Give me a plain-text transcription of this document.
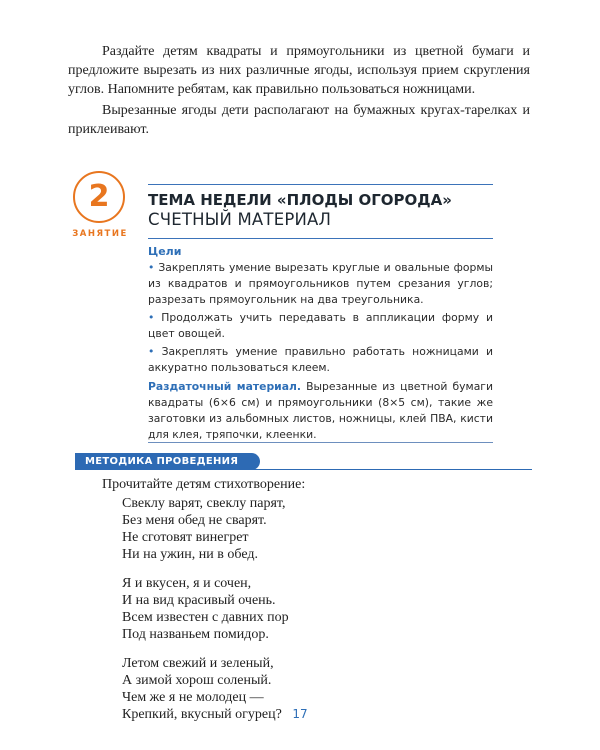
Раздайте детям квадраты и прямоугольники из цветной бумаги и предложите вырезать из них различные ягоды, используя прием скругления углов. Напомните ребятам, как правильно пользоваться ножницами.

Вырезанные ягоды дети располагают на бумажных кругах-тарелках и приклеивают.

2
ЗАНЯТИЕ
ТЕМА НЕДЕЛИ «ПЛОДЫ ОГОРОДА»
СЧЕТНЫЙ МАТЕРИАЛ
Цели
• Закреплять умение вырезать круглые и овальные формы из квадратов и прямоугольников путем срезания углов; разрезать прямоугольник на два треугольника.
• Продолжать учить передавать в аппликации форму и цвет овощей.
• Закреплять умение правильно работать ножницами и аккуратно пользоваться клеем.
Раздаточный материал. Вырезанные из цветной бумаги квадраты (6×6 см) и прямоугольники (8×5 см), такие же заготовки из альбомных листов, ножницы, клей ПВА, кисти для клея, тряпочки, клеенки.
МЕТОДИКА ПРОВЕДЕНИЯ
Прочитайте детям стихотворение:
Свеклу варят, свеклу парят,
Без меня обед не сварят.
Не сготовят винегрет
Ни на ужин, ни в обед.
Я и вкусен, я и сочен,
И на вид красивый очень.
Всем известен с давних пор
Под названьем помидор.
Летом свежий и зеленый,
А зимой хорош соленый.
Чем же я не молодец —
Крепкий, вкусный огурец? 17
